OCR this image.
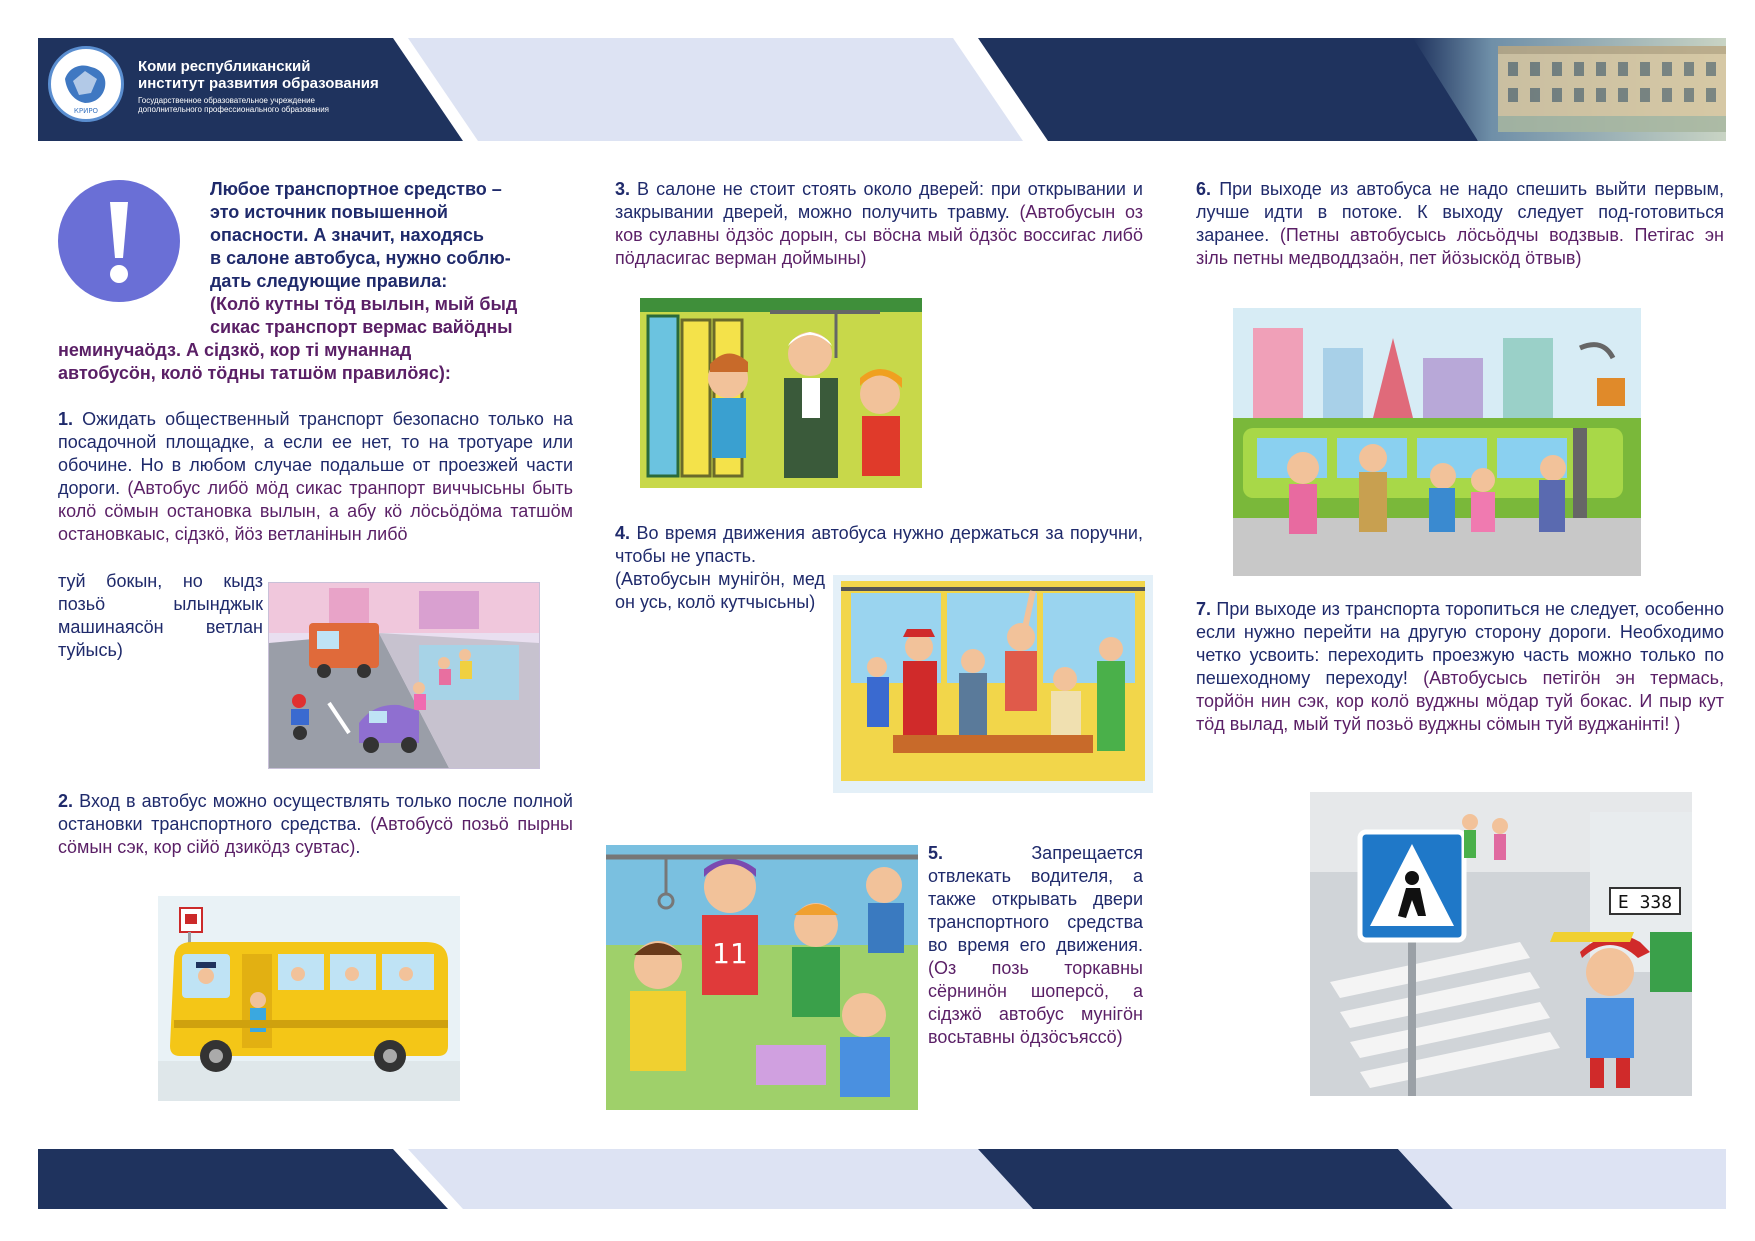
КРИРО
Коми республиканский
институт развития образования
Государственное образовательное учреждение
дополнительного профессионального образования
Любое транспортное средство –
это источник повышенной
опасности. А значит, находясь
в салоне автобуса, нужно соблю-
дать следующие правила:
(Колӧ кутны тӧд вылын, мый быд
сикас транспорт вермас вайӧдны
неминучаӧдз. А сідзкӧ, кор ті мунаннад
автобусӧн, колӧ тӧдны татшӧм правилӧяс):
1. Ожидать общественный транспорт безопасно только на посадочной площадке, а если ее нет, то на тротуаре или обочине. Но в любом случае подальше от проезжей части дороги. (Автобус либӧ мӧд сикас транпорт виччысьны быть колӧ сӧмын остановка вылын, а абу кӧ лӧсьӧдӧма татшӧм остановкаыс, сідзкӧ, йӧз ветлaнінын либӧ
туй бокын, но кыдз позьӧ ылынджык машинаясӧн ветлан туйысь)
2. Вход в автобус можно осуществлять только после полной остановки транспортного средства. (Автобусӧ позьӧ пырны сӧмын сэк, кор сійӧ дзикӧдз сувтас).
3. В салоне не стоит стоять около дверей: при открывании и закрывании дверей, можно получить травму. (Автобусын оз ков сулавны ӧдзӧс дорын, сы вӧсна мый ӧдзӧс воссигас либӧ пӧдласигас верман доймыны)
4. Во время движения автобуса нужно держаться за поручни, чтобы не упасть.
(Автобусын мунігӧн, мед он усь, колӧ кутчысьны)
11
5.	Запрещается отвлекать водителя, а также открывать двери транспортного средства во время его движения. (Оз позь торкавны сёрнинӧн шоперсӧ, а сідзжӧ автобус мунігӧн восьтавны ӧдзӧсъяссӧ)
6. При выходе из автобуса не надо спешить выйти первым, лучше идти в потоке. К выходу следует под-готовиться заранее. (Петны автобусысь лӧсьӧдчы водзвыв. Петігас эн зіль петны медводдзаӧн, пет йӧзыскӧд ӧтвыв)
7. При выходе из транспорта торопиться не следует, особенно если нужно перейти на другую сторону дороги. Необходимо четко усвоить: переходить проезжую часть можно только по пешеходному переходу! (Автобусысь петігӧн эн термась, торйӧн нин сэк, кор колӧ вуджны мӧдар туй бокас. И пыр кут тӧд вылад, мый туй позьӧ вуджны сӧмын туй вуджанінті! )
Е 338
